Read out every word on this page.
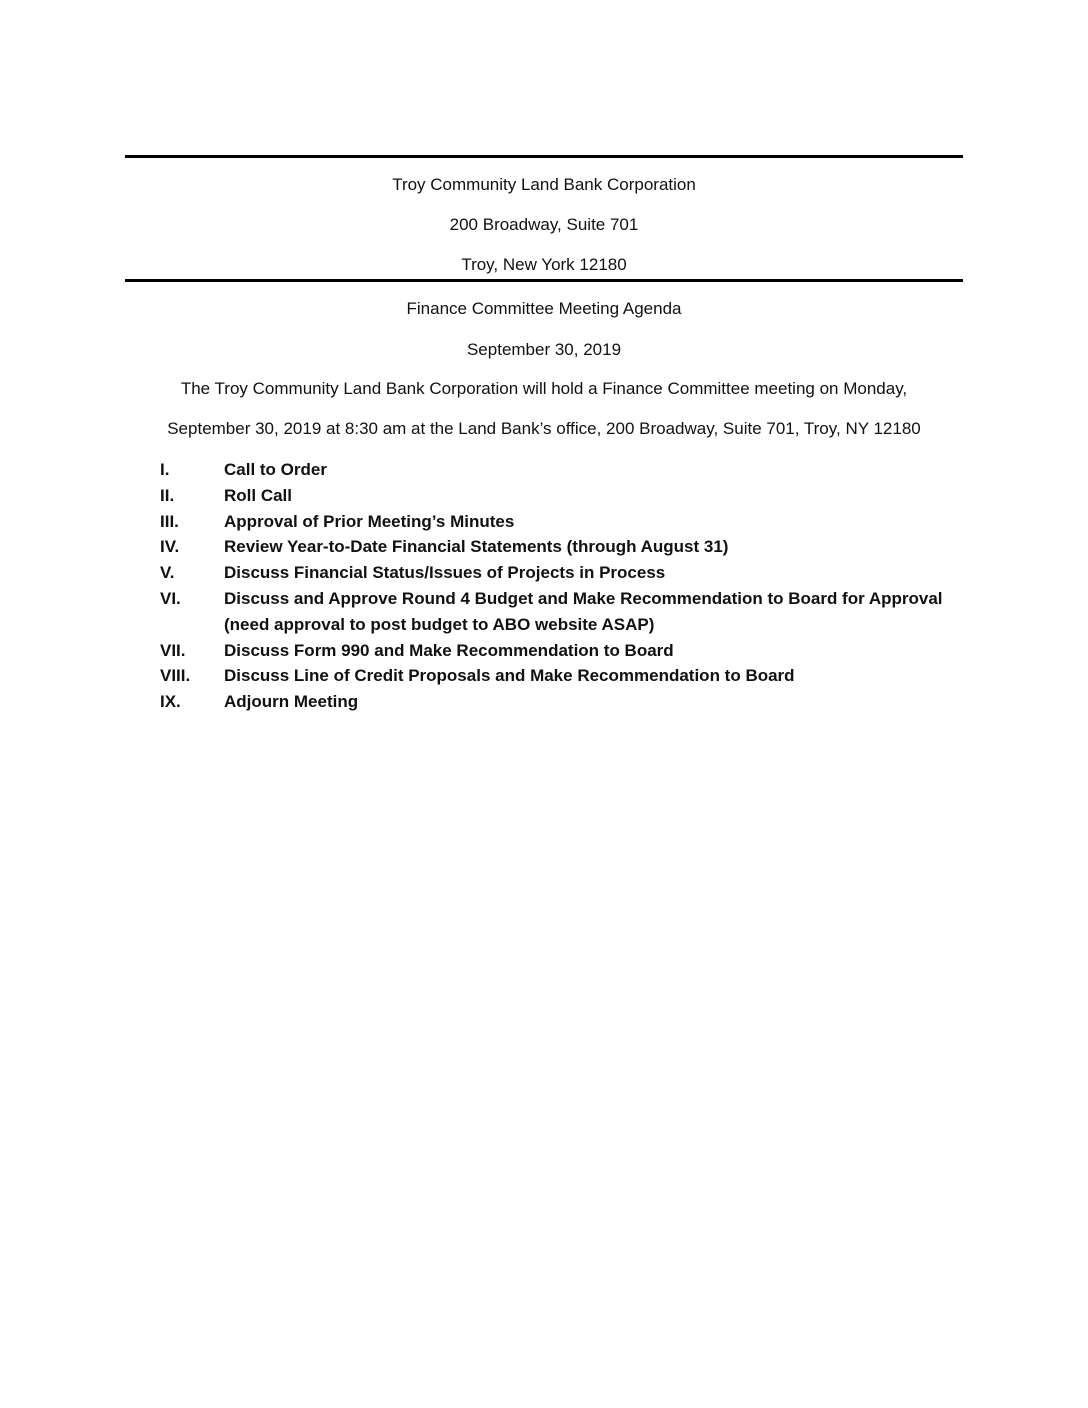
Troy Community Land Bank Corporation
200 Broadway, Suite 701
Troy, New York 12180
Finance Committee Meeting Agenda
September 30, 2019
The Troy Community Land Bank Corporation will hold a Finance Committee meeting on Monday,
September 30, 2019 at 8:30 am at the Land Bank’s office, 200 Broadway, Suite 701, Troy, NY 12180
I.	Call to Order
II.	Roll Call
III.	Approval of Prior Meeting’s Minutes
IV.	Review Year-to-Date Financial Statements (through August 31)
V.	Discuss Financial Status/Issues of Projects in Process
VI.	Discuss and Approve Round 4 Budget and Make Recommendation to Board for Approval
(need approval to post budget to ABO website ASAP)
VII.	Discuss Form 990 and Make Recommendation to Board
VIII.	Discuss Line of Credit Proposals and Make Recommendation to Board
IX.	Adjourn Meeting
